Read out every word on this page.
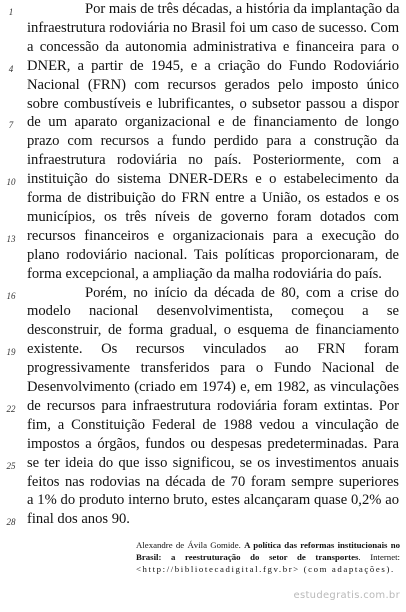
1	Por mais de três décadas, a história da implantação da
infraestrutura rodoviária no Brasil foi um caso de sucesso. Com
a concessão da autonomia administrativa e financeira para o
4 DNER, a partir de 1945, e a criação do Fundo Rodoviário
Nacional (FRN) com recursos gerados pelo imposto único
sobre combustíveis e lubrificantes, o subsetor passou a dispor
7 de um aparato organizacional e de financiamento de longo
prazo com recursos a fundo perdido para a construção da
infraestrutura rodoviária no país. Posteriormente, com a
10 instituição do sistema DNER-DERs e o estabelecimento da
forma de distribuição do FRN entre a União, os estados e os
municípios, os três níveis de governo foram dotados com
13 recursos financeiros e organizacionais para a execução do
plano rodoviário nacional. Tais políticas proporcionaram, de
forma excepcional, a ampliação da malha rodoviária do país.
16	Porém, no início da década de 80, com a crise do
modelo nacional desenvolvimentista, começou a se
desconstruir, de forma gradual, o esquema de financiamento
19 existente. Os recursos vinculados ao FRN foram
progressivamente transferidos para o Fundo Nacional de
Desenvolvimento (criado em 1974) e, em 1982, as vinculações
22 de recursos para infraestrutura rodoviária foram extintas. Por
fim, a Constituição Federal de 1988 vedou a vinculação de
impostos a órgãos, fundos ou despesas predeterminadas. Para
25 se ter ideia do que isso significou, se os investimentos anuais
feitos nas rodovias na década de 70 foram sempre superiores
a 1% do produto interno bruto, estes alcançaram quase 0,2% ao
28 final dos anos 90.
Alexandre de Ávila Gomide. A política das reformas institucionais no
Brasil: a reestruturação do setor de transportes. Internet:
<http://bibliotecadigital.fgv.br> (com adaptações).
estudegratis.com.br
